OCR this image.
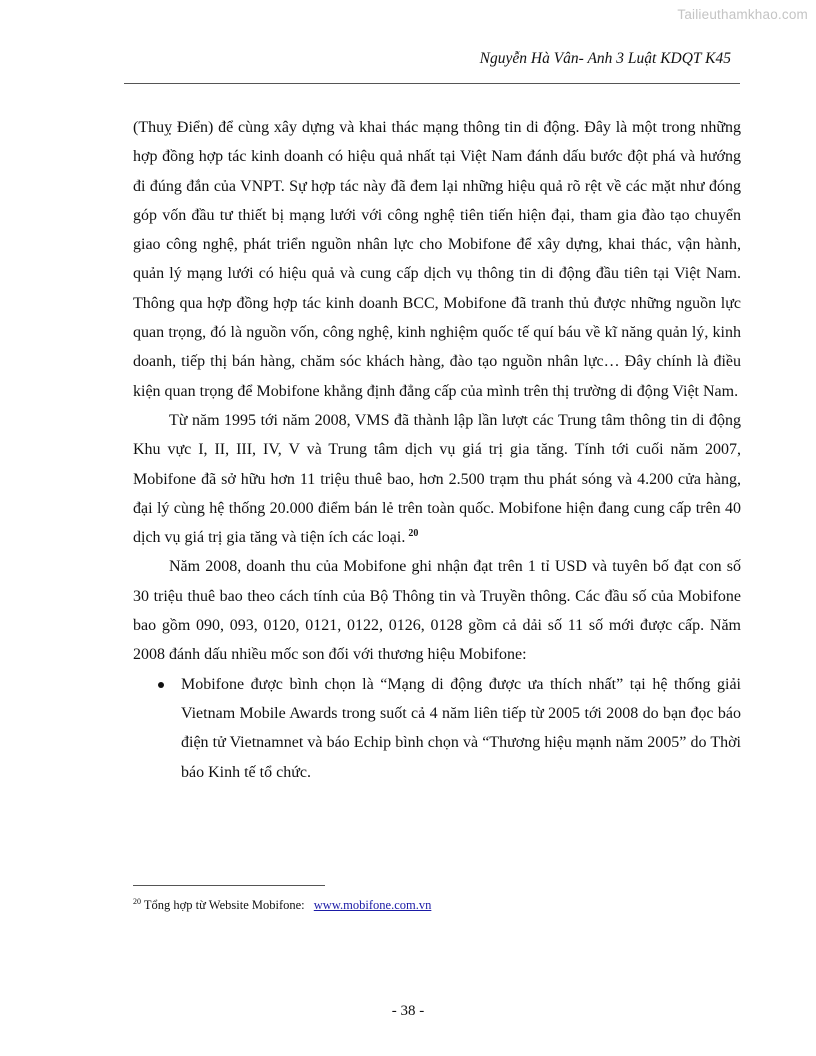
Tailieuthamkhao.com
Nguyễn Hà Vân- Anh 3 Luật KDQT K45

(Thuỵ Điển) để cùng xây dựng và khai thác mạng thông tin di động. Đây là một trong những hợp đồng hợp tác kinh doanh có hiệu quả nhất tại Việt Nam đánh dấu bước đột phá và hướng đi đúng đắn của VNPT. Sự hợp tác này đã đem lại những hiệu quả rõ rệt về các mặt như đóng góp vốn đầu tư thiết bị mạng lưới với công nghệ tiên tiến hiện đại, tham gia đào tạo chuyển giao công nghệ, phát triển nguồn nhân lực cho Mobifone để xây dựng, khai thác, vận hành, quản lý mạng lưới có hiệu quả và cung cấp dịch vụ thông tin di động đầu tiên tại Việt Nam. Thông qua hợp đồng hợp tác kinh doanh BCC, Mobifone đã tranh thủ được những nguồn lực quan trọng, đó là nguồn vốn, công nghệ, kinh nghiệm quốc tế quí báu về kĩ năng quản lý, kinh doanh, tiếp thị bán hàng, chăm sóc khách hàng, đào tạo nguồn nhân lực… Đây chính là điều kiện quan trọng để Mobifone khẳng định đẳng cấp của mình trên thị trường di động Việt Nam.

Từ năm 1995 tới năm 2008, VMS đã thành lập lần lượt các Trung tâm thông tin di động Khu vực I, II, III, IV, V và Trung tâm dịch vụ giá trị gia tăng. Tính tới cuối năm 2007, Mobifone đã sở hữu hơn 11 triệu thuê bao, hơn 2.500 trạm thu phát sóng và 4.200 cửa hàng, đại lý cùng hệ thống 20.000 điểm bán lẻ trên toàn quốc. Mobifone hiện đang cung cấp trên 40 dịch vụ giá trị gia tăng và tiện ích các loại. $^{20}$

Năm 2008, doanh thu của Mobifone ghi nhận đạt trên 1 tỉ USD và tuyên bố đạt con số 30 triệu thuê bao theo cách tính của Bộ Thông tin và Truyền thông. Các đầu số của Mobifone bao gồm 090, 093, 0120, 0121, 0122, 0126, 0128 gồm cả dải số 11 số mới được cấp. Năm 2008 đánh dấu nhiều mốc son đối với thương hiệu Mobifone:

Mobifone được bình chọn là “Mạng di động được ưa thích nhất” tại hệ thống giải Vietnam Mobile Awards trong suốt cả 4 năm liên tiếp từ 2005 tới 2008 do bạn đọc báo điện tử Vietnamnet và báo Echip bình chọn và “Thương hiệu mạnh năm 2005” do Thời báo Kinh tế tổ chức.
$^{20}$ Tổng hợp từ Website Mobifone: www.mobifone.com.vn
- 38 -
